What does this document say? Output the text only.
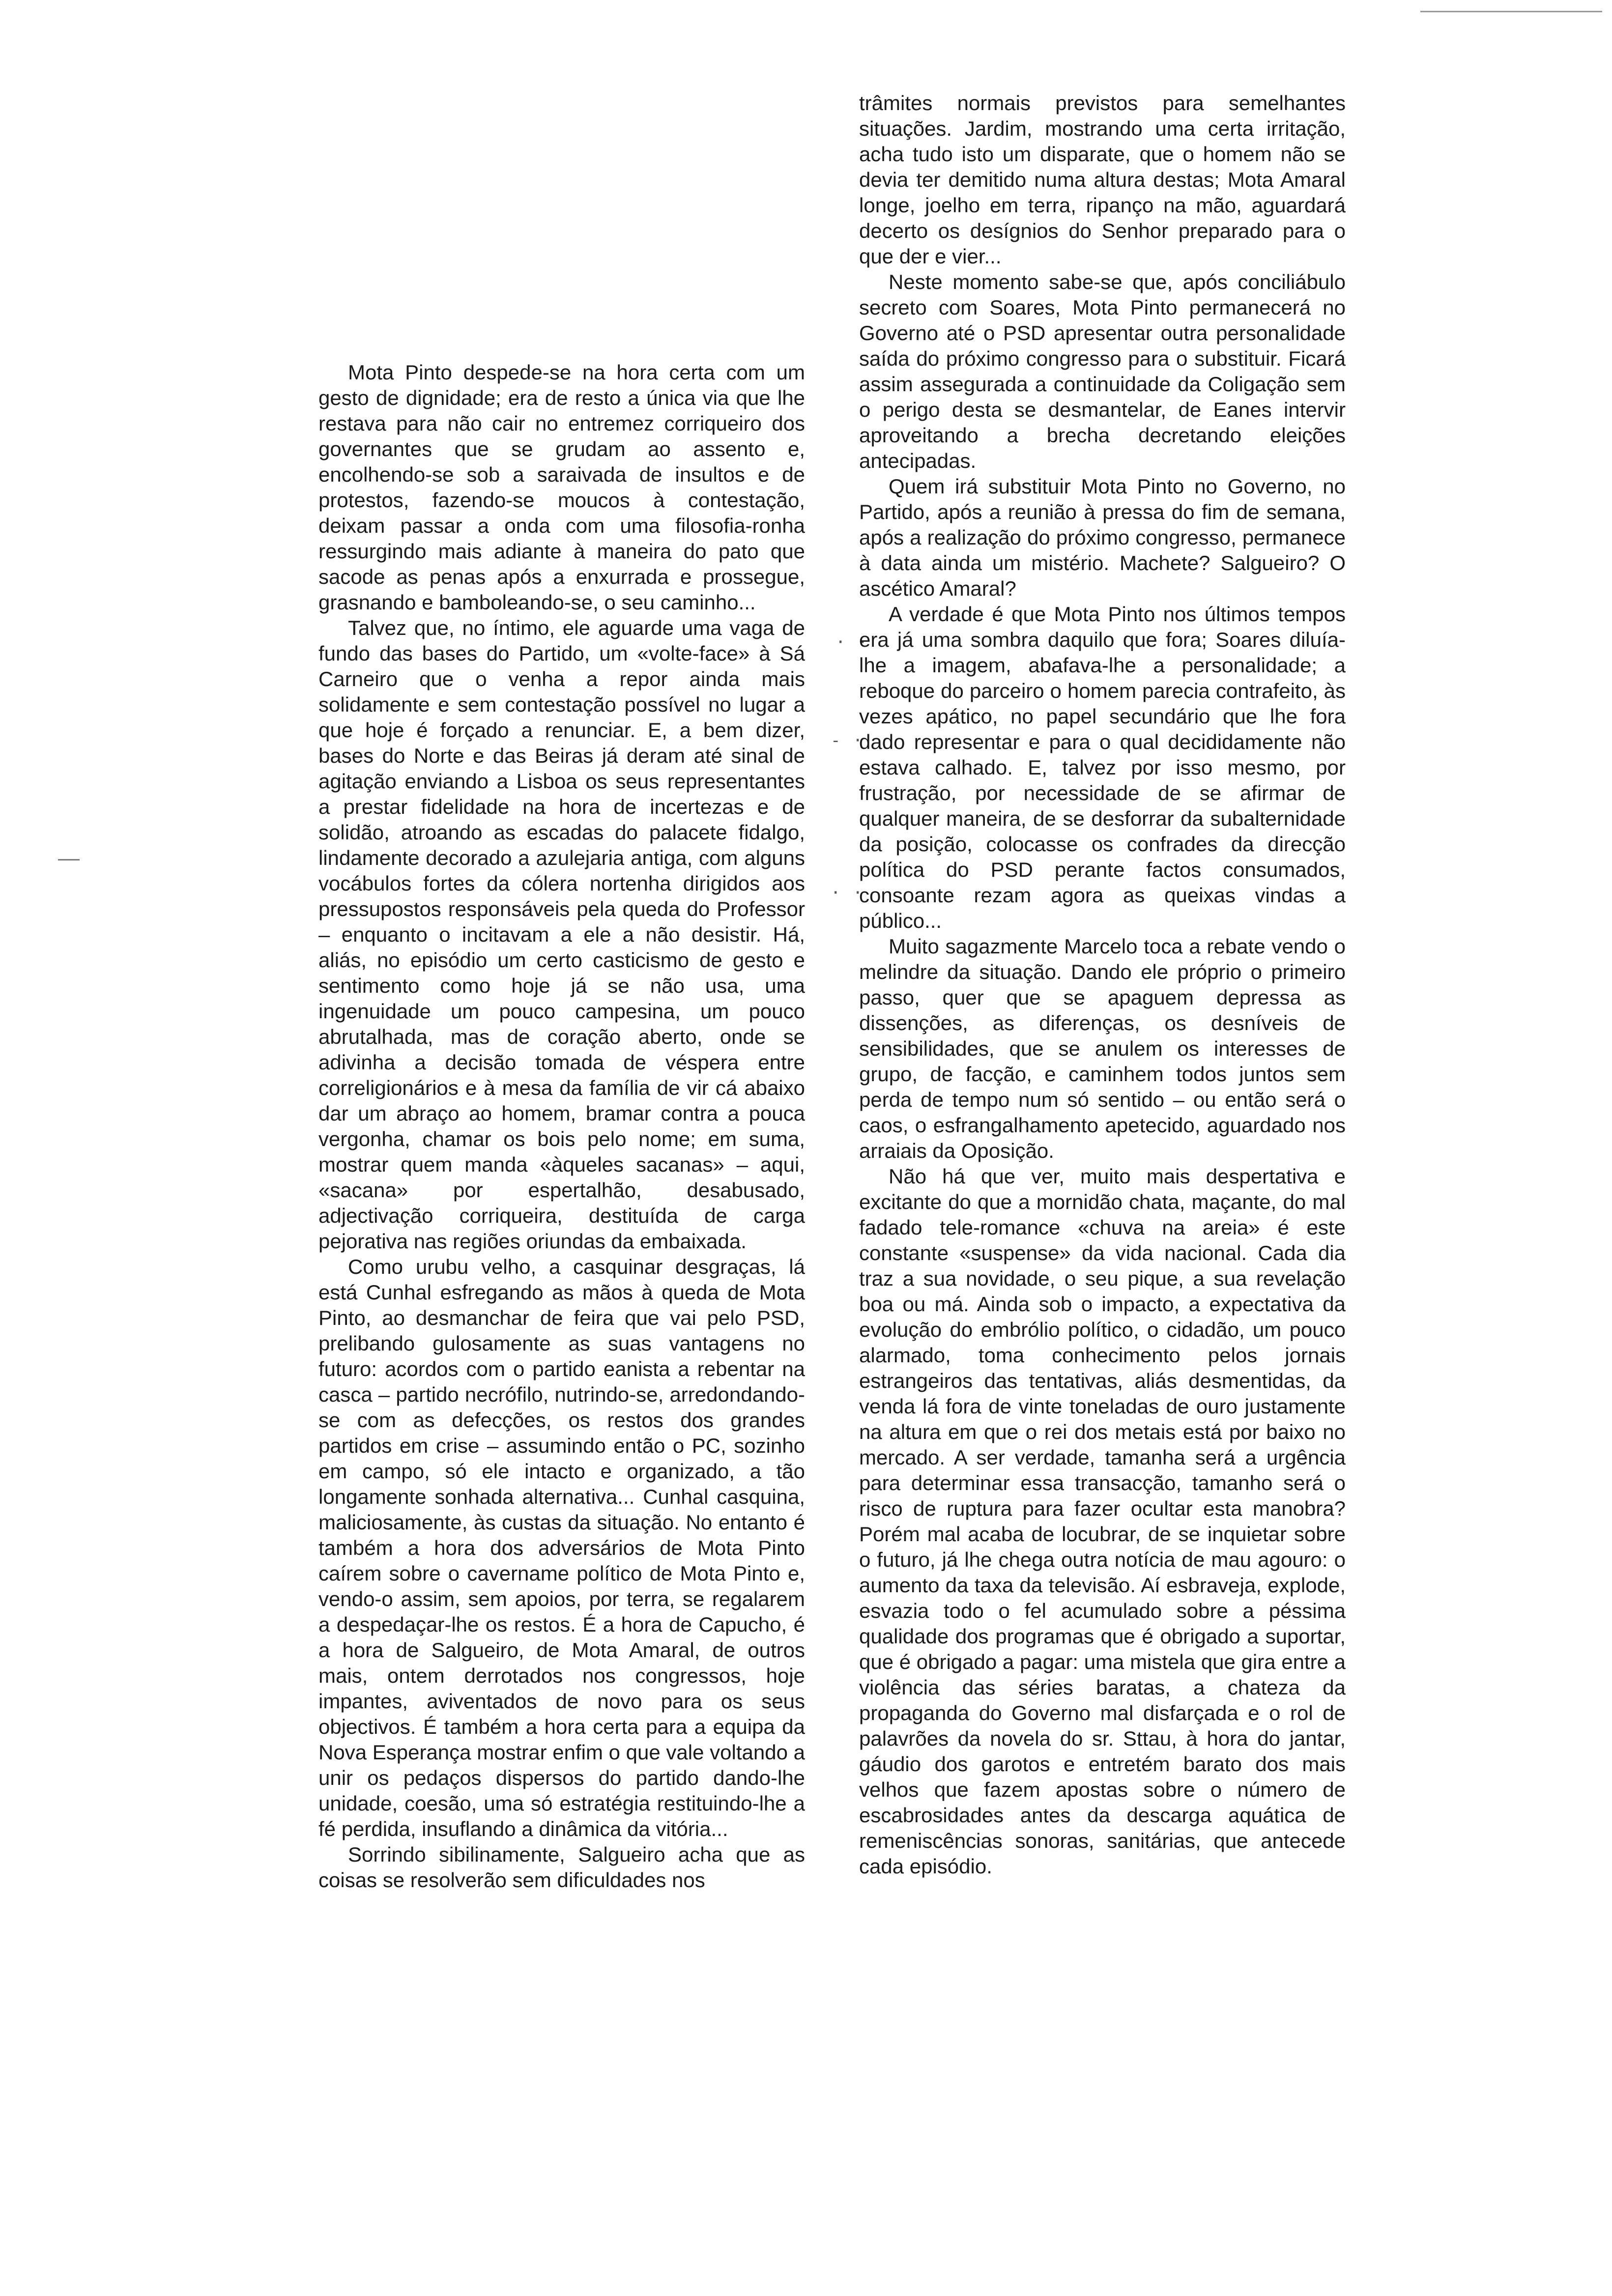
· ·
- ·
· ·

Mota Pinto despede-se na hora certa com um gesto de dignidade; era de resto a única via que lhe restava para não cair no entremez corriqueiro dos governantes que se grudam ao assento e, encolhendo-se sob a saraivada de insultos e de protestos, fazendo-se moucos à contestação, deixam passar a onda com uma filosofia-ronha ressurgindo mais adiante à maneira do pato que sacode as penas após a enxurrada e prossegue, grasnando e bamboleando-se, o seu caminho...

Talvez que, no íntimo, ele aguarde uma vaga de fundo das bases do Partido, um «volte-face» à Sá Carneiro que o venha a repor ainda mais solidamente e sem contestação possível no lugar a que hoje é forçado a renunciar. E, a bem dizer, bases do Norte e das Beiras já deram até sinal de agitação enviando a Lisboa os seus representantes a prestar fidelidade na hora de incertezas e de solidão, atroando as escadas do palacete fidalgo, lindamente decorado a azulejaria antiga, com alguns vocábulos fortes da cólera nortenha dirigidos aos pressupostos responsáveis pela queda do Professor – enquanto o incitavam a ele a não desistir. Há, aliás, no episódio um certo casticismo de gesto e sentimento como hoje já se não usa, uma ingenuidade um pouco campesina, um pouco abrutalhada, mas de coração aberto, onde se adivinha a decisão tomada de véspera entre correligionários e à mesa da família de vir cá abaixo dar um abraço ao homem, bramar contra a pouca vergonha, chamar os bois pelo nome; em suma, mostrar quem manda «àqueles sacanas» – aqui, «sacana» por espertalhão, desabusado, adjectivação corriqueira, destituída de carga pejorativa nas regiões oriundas da embaixada.

Como urubu velho, a casquinar desgraças, lá está Cunhal esfregando as mãos à queda de Mota Pinto, ao desmanchar de feira que vai pelo PSD, prelibando gulosamente as suas vantagens no futuro: acordos com o partido eanista a rebentar na casca – partido necrófilo, nutrindo-se, arredondando-se com as defecções, os restos dos grandes partidos em crise – assumindo então o PC, sozinho em campo, só ele intacto e organizado, a tão longamente sonhada alternativa... Cunhal casquina, maliciosamente, às custas da situação. No entanto é também a hora dos adversários de Mota Pinto caírem sobre o cavername político de Mota Pinto e, vendo-o assim, sem apoios, por terra, se regalarem a despedaçar-lhe os restos. É a hora de Capucho, é a hora de Salgueiro, de Mota Amaral, de outros mais, ontem derrotados nos congressos, hoje impantes, aviventados de novo para os seus objectivos. É também a hora certa para a equipa da Nova Esperança mostrar enfim o que vale voltando a unir os pedaços dispersos do partido dando-lhe unidade, coesão, uma só estratégia restituindo-lhe a fé perdida, insuflando a dinâmica da vitória...

Sorrindo sibilinamente, Salgueiro acha que as coisas se resolverão sem dificuldades nos

trâmites normais previstos para semelhantes situações. Jardim, mostrando uma certa irritação, acha tudo isto um disparate, que o homem não se devia ter demitido numa altura destas; Mota Amaral longe, joelho em terra, ripanço na mão, aguardará decerto os desígnios do Senhor preparado para o que der e vier...

Neste momento sabe-se que, após conciliábulo secreto com Soares, Mota Pinto permanecerá no Governo até o PSD apresentar outra personalidade saída do próximo congresso para o substituir. Ficará assim assegurada a continuidade da Coligação sem o perigo desta se desmantelar, de Eanes intervir aproveitando a brecha decretando eleições antecipadas.

Quem irá substituir Mota Pinto no Governo, no Partido, após a reunião à pressa do fim de semana, após a realização do próximo congresso, permanece à data ainda um mistério. Machete? Salgueiro? O ascético Amaral?

A verdade é que Mota Pinto nos últimos tempos era já uma sombra daquilo que fora; Soares diluía-lhe a imagem, abafava-lhe a personalidade; a reboque do parceiro o homem parecia contrafeito, às vezes apático, no papel secundário que lhe fora dado representar e para o qual decididamente não estava calhado. E, talvez por isso mesmo, por frustração, por necessidade de se afirmar de qualquer maneira, de se desforrar da subalternidade da posição, colocasse os confrades da direcção política do PSD perante factos consumados, consoante rezam agora as queixas vindas a público...

Muito sagazmente Marcelo toca a rebate vendo o melindre da situação. Dando ele próprio o primeiro passo, quer que se apaguem depressa as dissenções, as diferenças, os desníveis de sensibilidades, que se anulem os interesses de grupo, de facção, e caminhem todos juntos sem perda de tempo num só sentido – ou então será o caos, o esfrangalhamento apetecido, aguardado nos arraiais da Oposição.

Não há que ver, muito mais despertativa e excitante do que a mornidão chata, maçante, do mal fadado tele-romance «chuva na areia» é este constante «suspense» da vida nacional. Cada dia traz a sua novidade, o seu pique, a sua revelação boa ou má. Ainda sob o impacto, a expectativa da evolução do embrólio político, o cidadão, um pouco alarmado, toma conhecimento pelos jornais estrangeiros das tentativas, aliás desmentidas, da venda lá fora de vinte toneladas de ouro justamente na altura em que o rei dos metais está por baixo no mercado. A ser verdade, tamanha será a urgência para determinar essa transacção, tamanho será o risco de ruptura para fazer ocultar esta manobra? Porém mal acaba de locubrar, de se inquietar sobre o futuro, já lhe chega outra notícia de mau agouro: o aumento da taxa da televisão. Aí esbraveja, explode, esvazia todo o fel acumulado sobre a péssima qualidade dos programas que é obrigado a suportar, que é obrigado a pagar: uma mistela que gira entre a violência das séries baratas, a chateza da propaganda do Governo mal disfarçada e o rol de palavrões da novela do sr. Sttau, à hora do jantar, gáudio dos garotos e entretém barato dos mais velhos que fazem apostas sobre o número de escabrosidades antes da descarga aquática de remeniscências sonoras, sanitárias, que antecede cada episódio.
